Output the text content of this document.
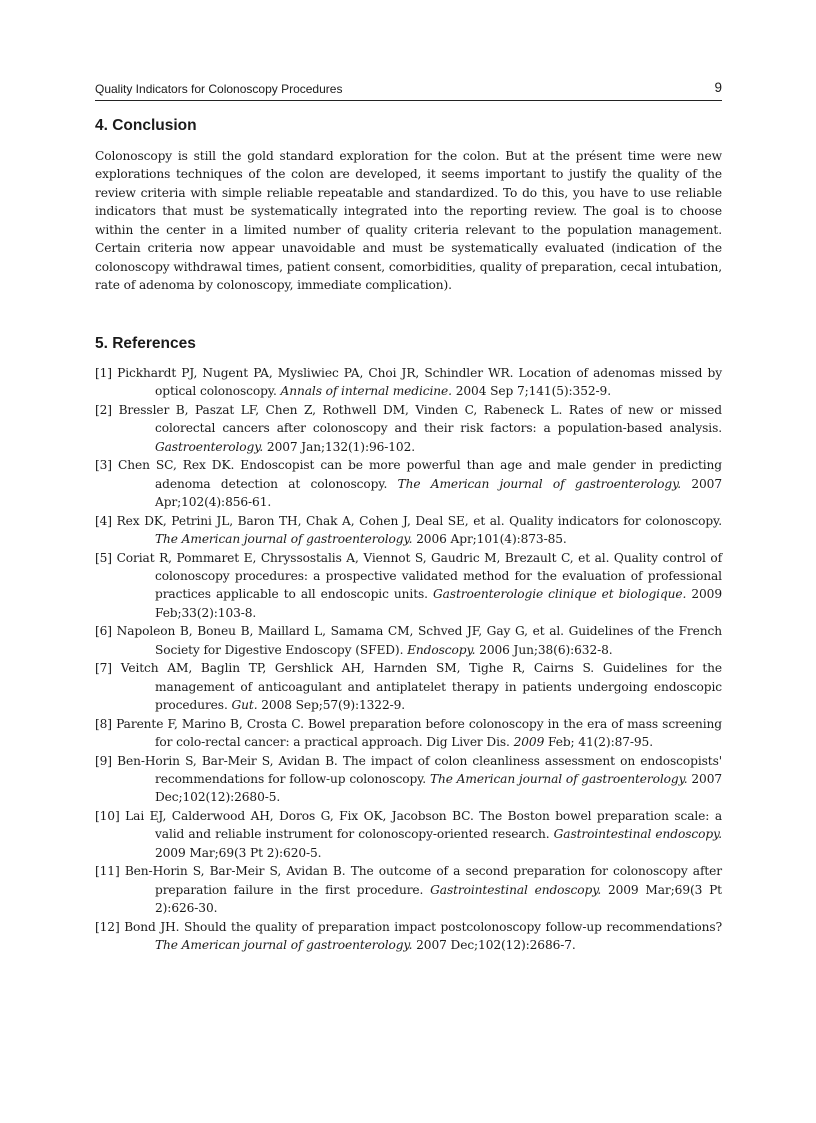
Quality Indicators for Colonoscopy Procedures	9
4. Conclusion

Colonoscopy is still the gold standard exploration for the colon. But at the présent time were new explorations techniques of the colon are developed, it seems important to justify the quality of the review criteria with simple reliable repeatable and standardized. To do this, you have to use reliable indicators that must be systematically integrated into the reporting review. The goal is to choose within the center in a limited number of quality criteria relevant to the population management. Certain criteria now appear unavoidable and must be systematically evaluated (indication of the colonoscopy withdrawal times, patient consent, comorbidities, quality of preparation, cecal intubation, rate of adenoma by colonoscopy, immediate complication).

5. References
[1] Pickhardt PJ, Nugent PA, Mysliwiec PA, Choi JR, Schindler WR. Location of adenomas missed by optical colonoscopy. Annals of internal medicine. 2004 Sep 7;141(5):352-9.
[2] Bressler B, Paszat LF, Chen Z, Rothwell DM, Vinden C, Rabeneck L. Rates of new or missed colorectal cancers after colonoscopy and their risk factors: a population-based analysis. Gastroenterology. 2007 Jan;132(1):96-102.
[3] Chen SC, Rex DK. Endoscopist can be more powerful than age and male gender in predicting adenoma detection at colonoscopy. The American journal of gastroenterology. 2007 Apr;102(4):856-61.
[4] Rex DK, Petrini JL, Baron TH, Chak A, Cohen J, Deal SE, et al. Quality indicators for colonoscopy. The American journal of gastroenterology. 2006 Apr;101(4):873-85.
[5] Coriat R, Pommaret E, Chryssostalis A, Viennot S, Gaudric M, Brezault C, et al. Quality control of colonoscopy procedures: a prospective validated method for the evaluation of professional practices applicable to all endoscopic units. Gastroenterologie clinique et biologique. 2009 Feb;33(2):103-8.
[6] Napoleon B, Boneu B, Maillard L, Samama CM, Schved JF, Gay G, et al. Guidelines of the French Society for Digestive Endoscopy (SFED). Endoscopy. 2006 Jun;38(6):632-8.
[7] Veitch AM, Baglin TP, Gershlick AH, Harnden SM, Tighe R, Cairns S. Guidelines for the management of anticoagulant and antiplatelet therapy in patients undergoing endoscopic procedures. Gut. 2008 Sep;57(9):1322-9.
[8] Parente F, Marino B, Crosta C. Bowel preparation before colonoscopy in the era of mass screening for colo-rectal cancer: a practical approach. Dig Liver Dis. 2009 Feb; 41(2):87-95.
[9] Ben-Horin S, Bar-Meir S, Avidan B. The impact of colon cleanliness assessment on endoscopists' recommendations for follow-up colonoscopy. The American journal of gastroenterology. 2007 Dec;102(12):2680-5.
[10] Lai EJ, Calderwood AH, Doros G, Fix OK, Jacobson BC. The Boston bowel preparation scale: a valid and reliable instrument for colonoscopy-oriented research. Gastrointestinal endoscopy. 2009 Mar;69(3 Pt 2):620-5.
[11] Ben-Horin S, Bar-Meir S, Avidan B. The outcome of a second preparation for colonoscopy after preparation failure in the first procedure. Gastrointestinal endoscopy. 2009 Mar;69(3 Pt 2):626-30.
[12] Bond JH. Should the quality of preparation impact postcolonoscopy follow-up recommendations? The American journal of gastroenterology. 2007 Dec;102(12):2686-7.
